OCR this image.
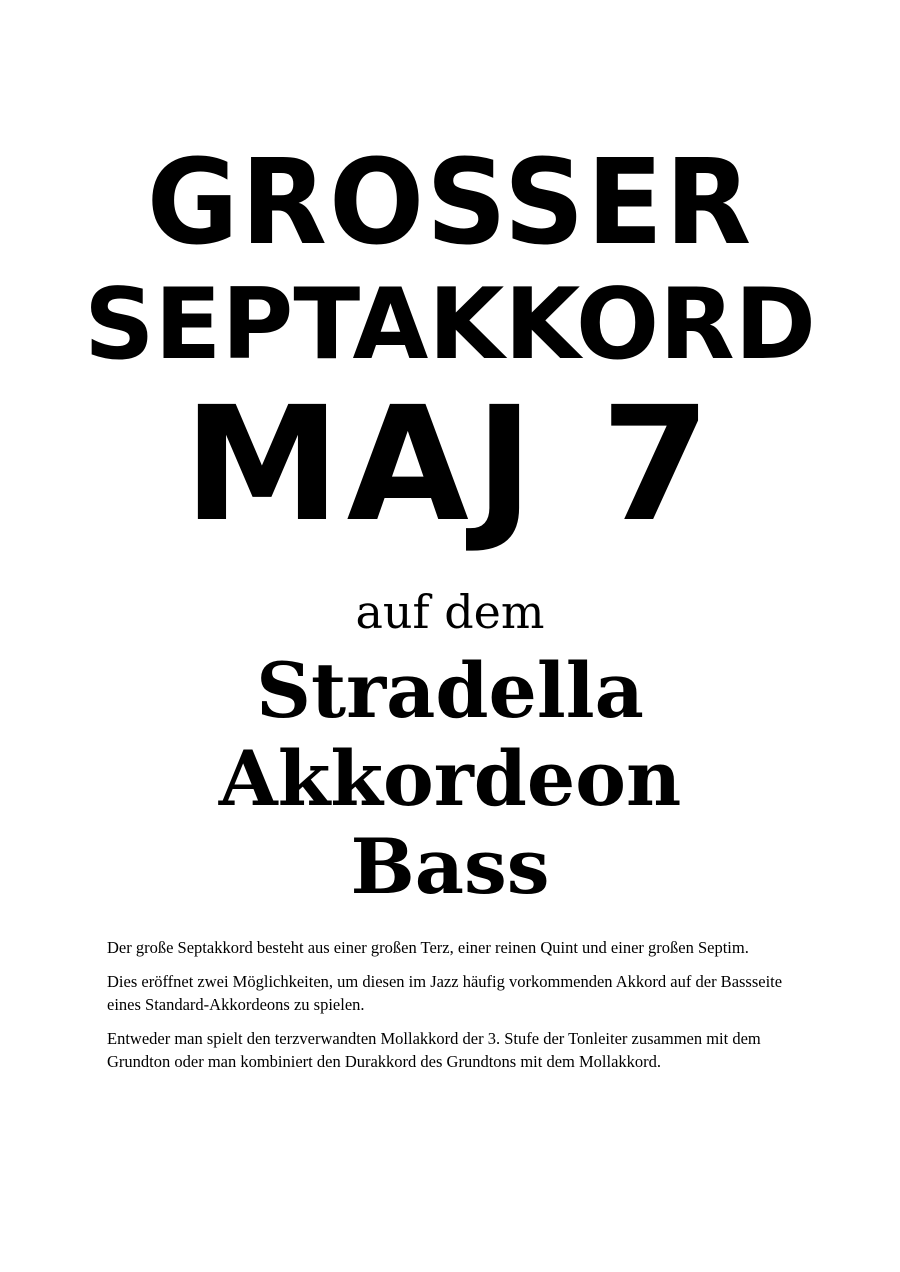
GROSSER
SEPTAKKORD
MAJ 7
auf dem
Stradella
Akkordeon
Bass

Der große Septakkord besteht aus einer großen Terz, einer reinen Quint und einer großen Septim.

Dies eröffnet zwei Möglichkeiten, um diesen im Jazz häufig vorkommenden Akkord auf der Bassseite eines Standard-Akkordeons zu spielen.

Entweder man spielt den terzverwandten Mollakkord der 3. Stufe der Tonleiter zusammen mit dem Grundton oder man kombiniert den Durakkord des Grundtons mit dem Mollakkord.
